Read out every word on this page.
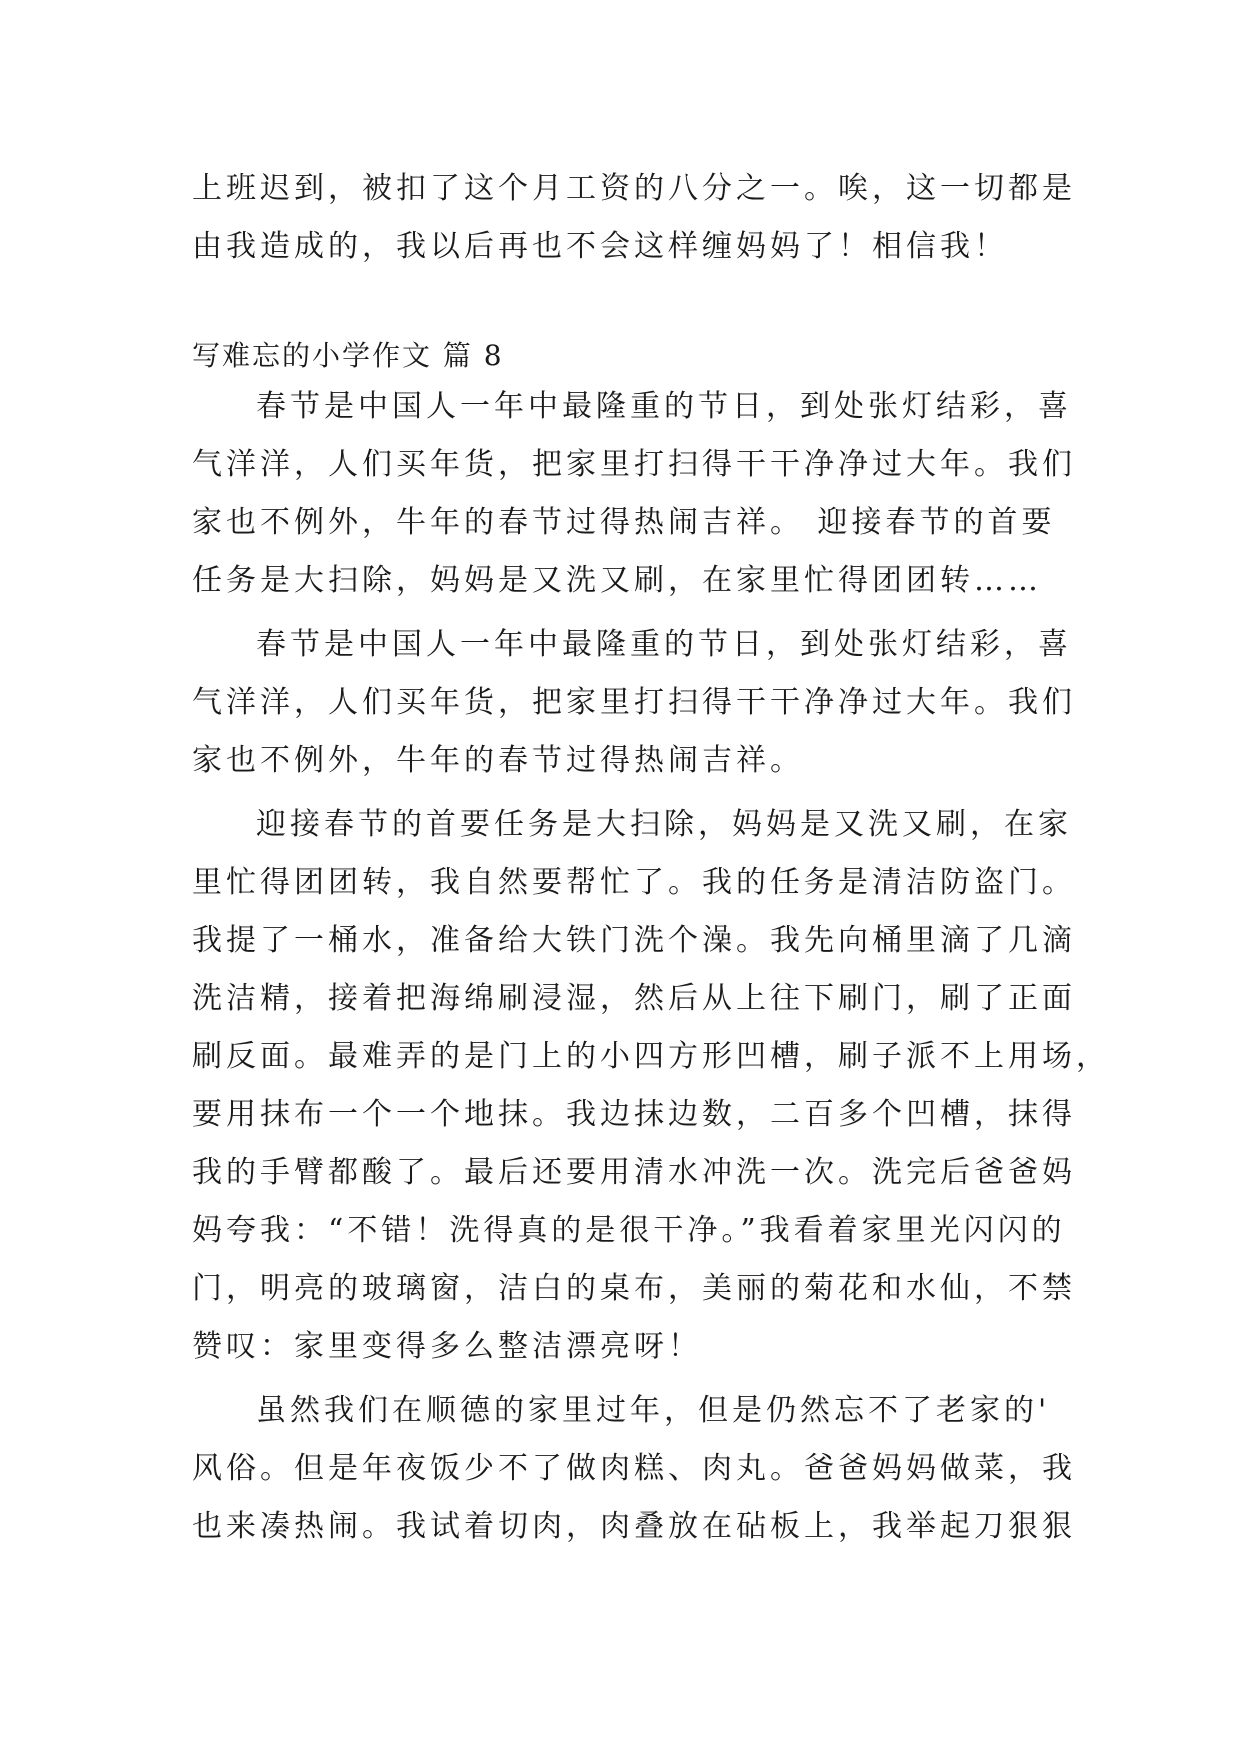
上班迟到，被扣了这个月工资的八分之一。唉，这一切都是
由我造成的，我以后再也不会这样缠妈妈了！相信我！
写难忘的小学作文 篇 8
春节是中国人一年中最隆重的节日，到处张灯结彩，喜
气洋洋，人们买年货，把家里打扫得干干净净过大年。我们
家也不例外，牛年的春节过得热闹吉祥。 迎接春节的首要
任务是大扫除，妈妈是又洗又刷，在家里忙得团团转……
春节是中国人一年中最隆重的节日，到处张灯结彩，喜
气洋洋，人们买年货，把家里打扫得干干净净过大年。我们
家也不例外，牛年的春节过得热闹吉祥。
迎接春节的首要任务是大扫除，妈妈是又洗又刷，在家
里忙得团团转，我自然要帮忙了。我的任务是清洁防盗门。
我提了一桶水，准备给大铁门洗个澡。我先向桶里滴了几滴
洗洁精，接着把海绵刷浸湿，然后从上往下刷门，刷了正面
刷反面。最难弄的是门上的小四方形凹槽，刷子派不上用场，
要用抹布一个一个地抹。我边抹边数，二百多个凹槽，抹得
我的手臂都酸了。最后还要用清水冲洗一次。洗完后爸爸妈
妈夸我：“不错！洗得真的是很干净。”我看着家里光闪闪的
门，明亮的玻璃窗，洁白的桌布，美丽的菊花和水仙，不禁
赞叹：家里变得多么整洁漂亮呀！
虽然我们在顺德的家里过年，但是仍然忘不了老家的'
风俗。但是年夜饭少不了做肉糕、肉丸。爸爸妈妈做菜，我
也来凑热闹。我试着切肉，肉叠放在砧板上，我举起刀狠狠
